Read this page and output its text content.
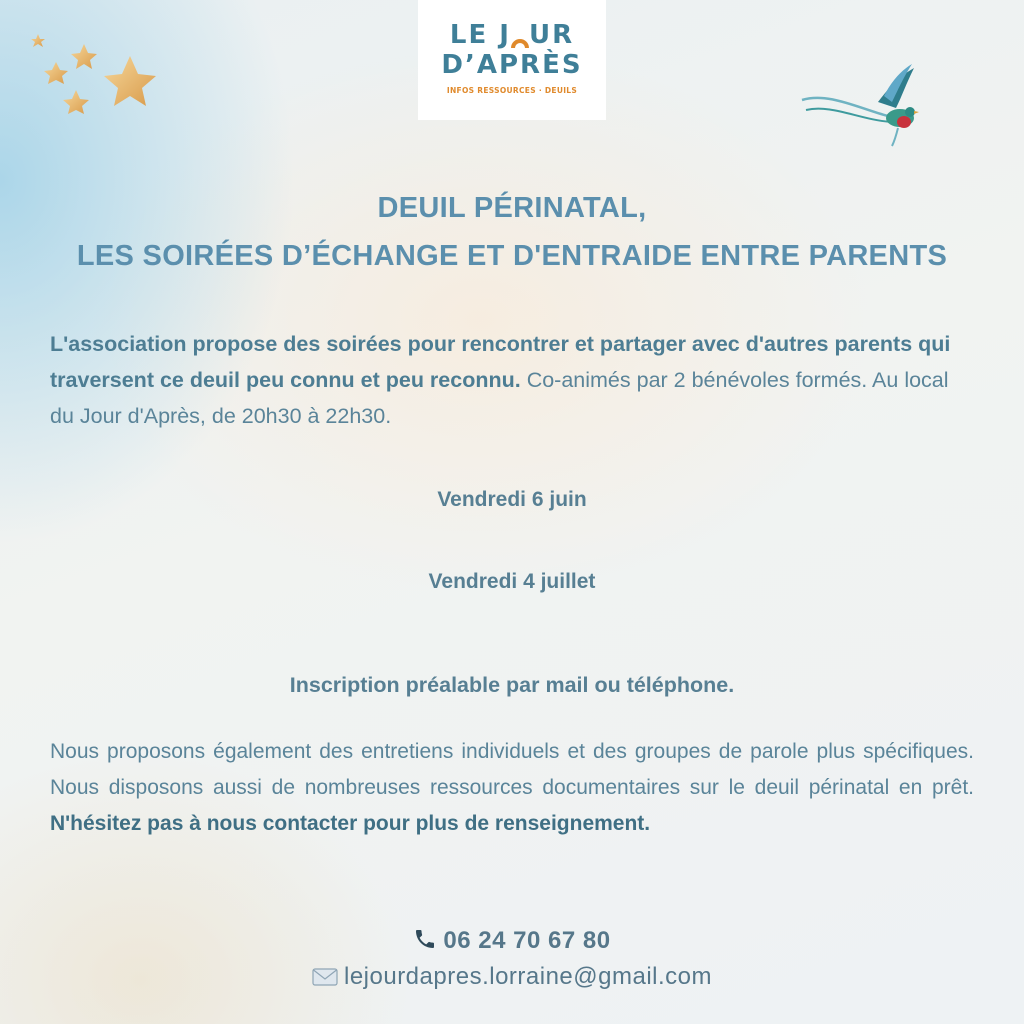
LE J UR
D’APRÈS
INFOS RESSOURCES · DEUILS
DEUIL PÉRINATAL,
LES SOIRÉES D’ÉCHANGE ET D'ENTRAIDE ENTRE PARENTS
L'association propose des soirées pour rencontrer et partager avec d'autres parents qui traversent ce deuil peu connu et peu reconnu. Co-animés par 2 bénévoles formés. Au local du Jour d'Après, de 20h30 à 22h30.
Vendredi 6 juin
Vendredi 4 juillet
Inscription préalable par mail ou téléphone.
Nous proposons également des entretiens individuels et des groupes de parole plus spécifiques. Nous disposons aussi de nombreuses ressources documentaires sur le deuil périnatal en prêt. N'hésitez pas à nous contacter pour plus de renseignement.
06 24 70 67 80
lejourdapres.lorraine@gmail.com
